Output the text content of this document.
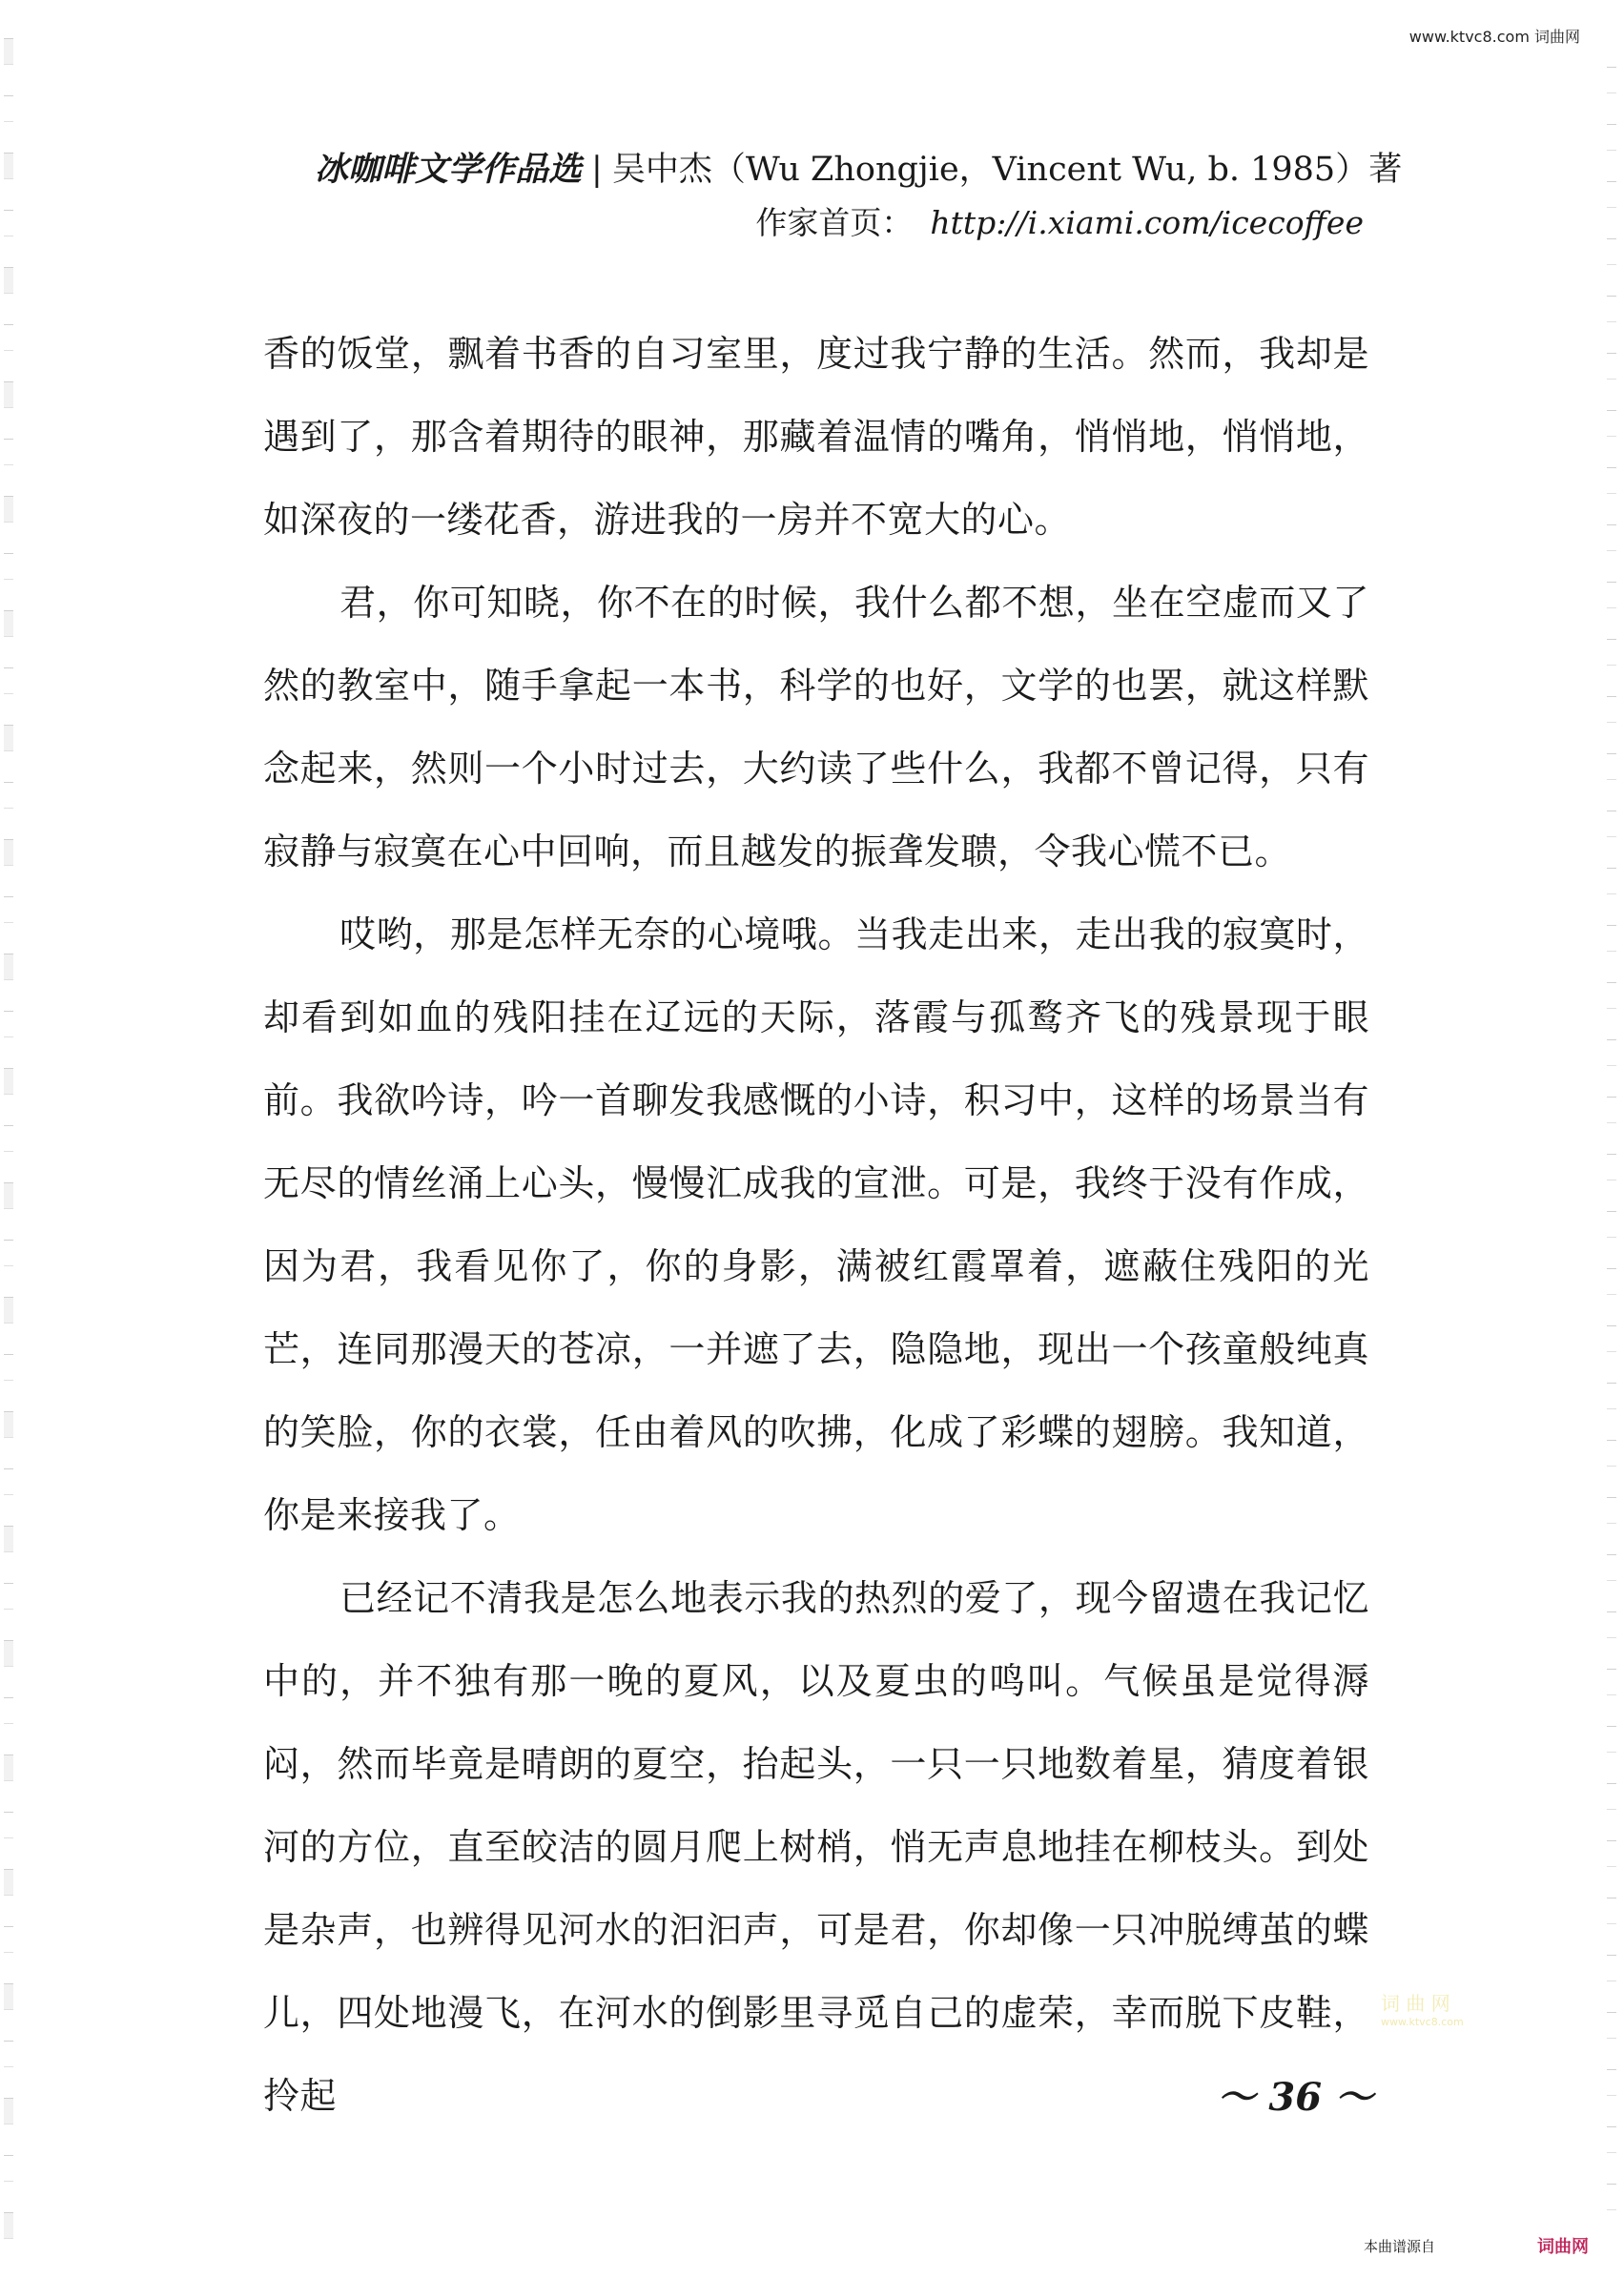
www.ktvc8.com 词曲网
冰咖啡文学作品选 | 吴中杰（Wu Zhongjie，Vincent Wu, b. 1985）著
作家首页： http://i.xiami.com/icecoffee

香的饭堂，飘着书香的自习室里，度过我宁静的生活。然而，我却是遇到了，那含着期待的眼神，那藏着温情的嘴角，悄悄地，悄悄地，如深夜的一缕花香，游进我的一房并不宽大的心。

君，你可知晓，你不在的时候，我什么都不想，坐在空虚而又了然的教室中，随手拿起一本书，科学的也好，文学的也罢，就这样默念起来，然则一个小时过去，大约读了些什么，我都不曾记得，只有寂静与寂寞在心中回响，而且越发的振聋发聩，令我心慌不已。

哎哟，那是怎样无奈的心境哦。当我走出来，走出我的寂寞时，却看到如血的残阳挂在辽远的天际，落霞与孤鹜齐飞的残景现于眼前。我欲吟诗，吟一首聊发我感慨的小诗，积习中，这样的场景当有无尽的情丝涌上心头，慢慢汇成我的宣泄。可是，我终于没有作成，因为君，我看见你了，你的身影，满被红霞罩着，遮蔽住残阳的光芒，连同那漫天的苍凉，一并遮了去，隐隐地，现出一个孩童般纯真的笑脸，你的衣裳，任由着风的吹拂，化成了彩蝶的翅膀。我知道，你是来接我了。

已经记不清我是怎么地表示我的热烈的爱了，现今留遗在我记忆中的，并不独有那一晚的夏风，以及夏虫的鸣叫。气候虽是觉得溽闷，然而毕竟是晴朗的夏空，抬起头，一只一只地数着星，猜度着银河的方位，直至皎洁的圆月爬上树梢，悄无声息地挂在柳枝头。到处是杂声，也辨得见河水的汩汩声，可是君，你却像一只冲脱缚茧的蝶儿，四处地漫飞，在河水的倒影里寻觅自己的虚荣，幸而脱下皮鞋，拎起

词 曲 网
www.ktvc8.com
～ 36 ～
本曲谱源自	词曲网
